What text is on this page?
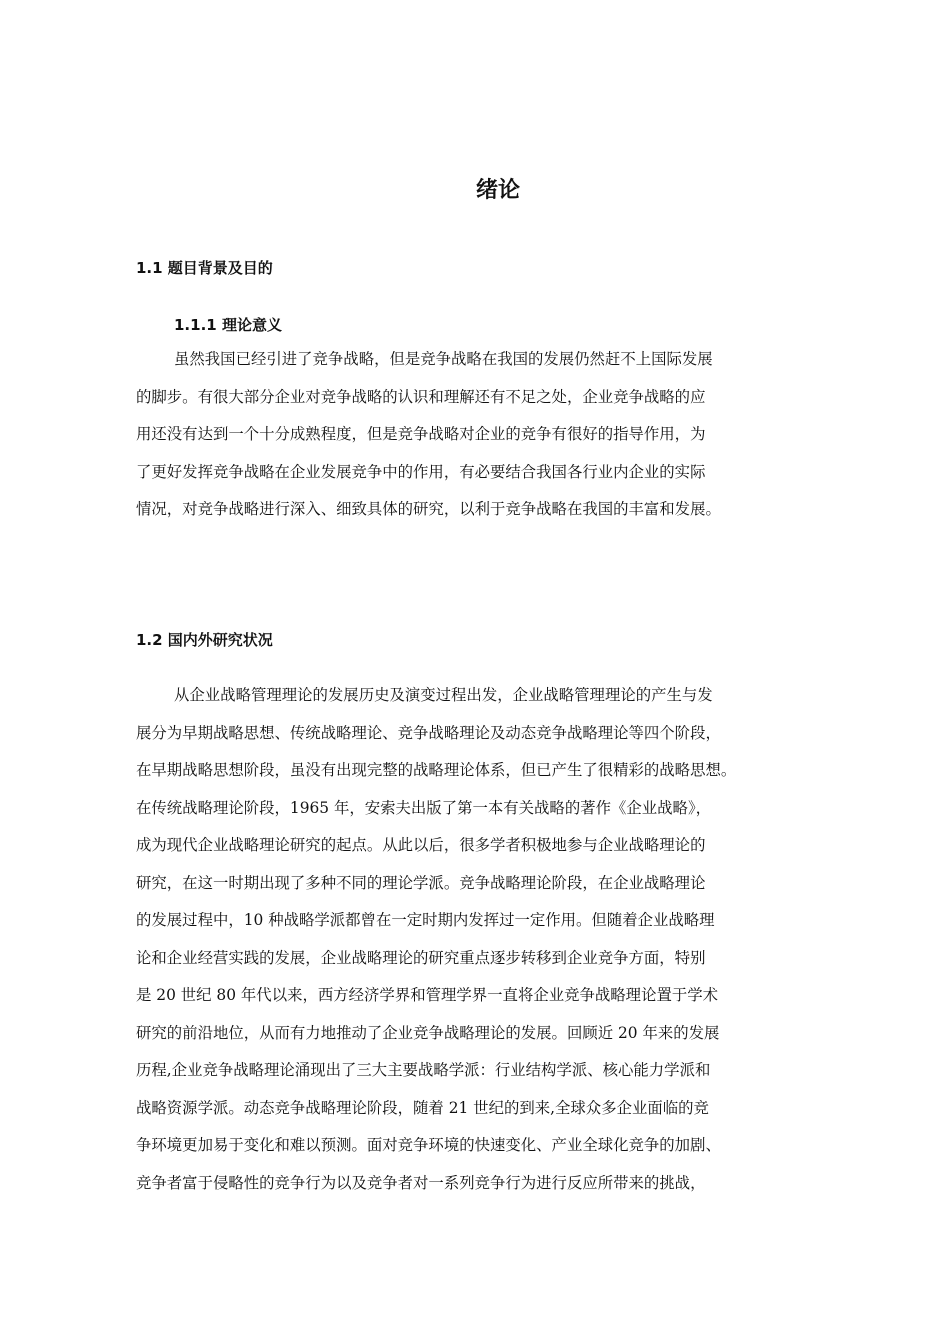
绪论
1.1 题目背景及目的
1.1.1 理论意义
虽然我国已经引进了竞争战略，但是竞争战略在我国的发展仍然赶不上国际发展
的脚步。有很大部分企业对竞争战略的认识和理解还有不足之处，企业竞争战略的应
用还没有达到一个十分成熟程度，但是竞争战略对企业的竞争有很好的指导作用，为
了更好发挥竞争战略在企业发展竞争中的作用，有必要结合我国各行业内企业的实际
情况，对竞争战略进行深入、细致具体的研究，以利于竞争战略在我国的丰富和发展。
1.2 国内外研究状况
从企业战略管理理论的发展历史及演变过程出发，企业战略管理理论的产生与发
展分为早期战略思想、传统战略理论、竞争战略理论及动态竞争战略理论等四个阶段，
在早期战略思想阶段，虽没有出现完整的战略理论体系，但已产生了很精彩的战略思想。
在传统战略理论阶段，1965 年，安索夫出版了第一本有关战略的著作《企业战略》，
成为现代企业战略理论研究的起点。从此以后，很多学者积极地参与企业战略理论的
研究，在这一时期出现了多种不同的理论学派。竞争战略理论阶段，在企业战略理论
的发展过程中，10 种战略学派都曾在一定时期内发挥过一定作用。但随着企业战略理
论和企业经营实践的发展，企业战略理论的研究重点逐步转移到企业竞争方面，特别
是 20 世纪 80 年代以来，西方经济学界和管理学界一直将企业竞争战略理论置于学术
研究的前沿地位，从而有力地推动了企业竞争战略理论的发展。回顾近 20 年来的发展
历程,企业竞争战略理论涌现出了三大主要战略学派：行业结构学派、核心能力学派和
战略资源学派。动态竞争战略理论阶段，随着 21 世纪的到来,全球众多企业面临的竞
争环境更加易于变化和难以预测。面对竞争环境的快速变化、产业全球化竞争的加剧、
竞争者富于侵略性的竞争行为以及竞争者对一系列竞争行为进行反应所带来的挑战，
